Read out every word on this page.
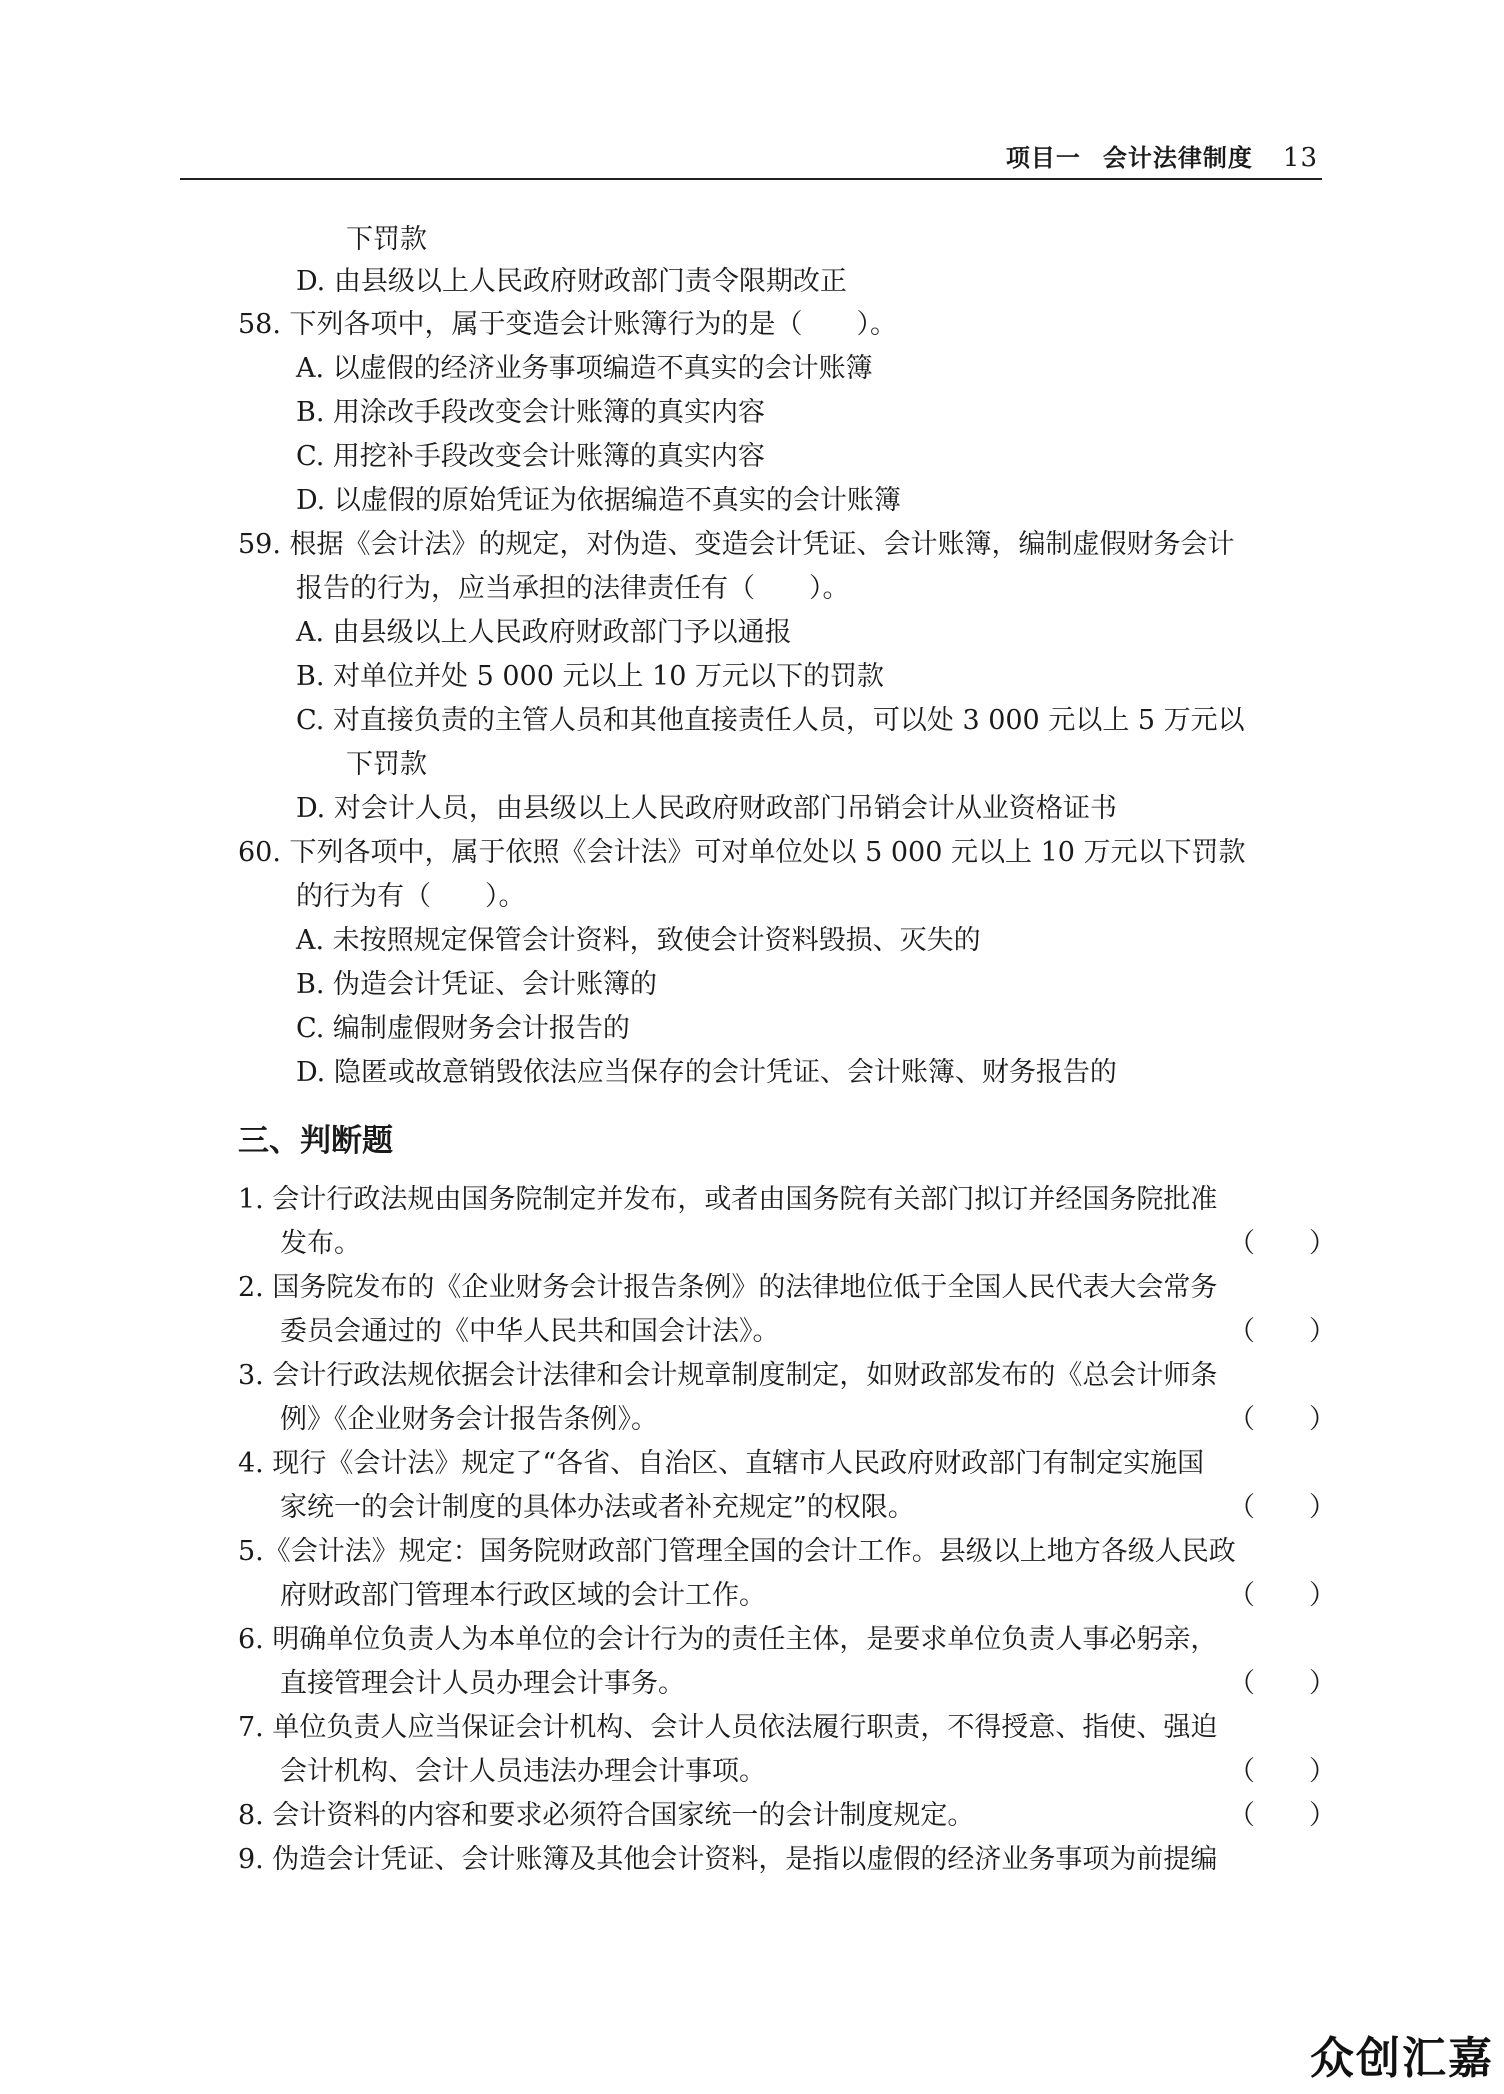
项目一 会计法律制度 13
下罚款
D. 由县级以上人民政府财政部门责令限期改正
58. 下列各项中，属于变造会计账簿行为的是（　　）。
A. 以虚假的经济业务事项编造不真实的会计账簿
B. 用涂改手段改变会计账簿的真实内容
C. 用挖补手段改变会计账簿的真实内容
D. 以虚假的原始凭证为依据编造不真实的会计账簿
59. 根据《会计法》的规定，对伪造、变造会计凭证、会计账簿，编制虚假财务会计
报告的行为，应当承担的法律责任有（　　）。
A. 由县级以上人民政府财政部门予以通报
B. 对单位并处 5 000 元以上 10 万元以下的罚款
C. 对直接负责的主管人员和其他直接责任人员，可以处 3 000 元以上 5 万元以
下罚款
D. 对会计人员，由县级以上人民政府财政部门吊销会计从业资格证书
60. 下列各项中，属于依照《会计法》可对单位处以 5 000 元以上 10 万元以下罚款
的行为有（　　）。
A. 未按照规定保管会计资料，致使会计资料毁损、灭失的
B. 伪造会计凭证、会计账簿的
C. 编制虚假财务会计报告的
D. 隐匿或故意销毁依法应当保存的会计凭证、会计账簿、财务报告的
三、判断题
1. 会计行政法规由国务院制定并发布，或者由国务院有关部门拟订并经国务院批准
发布。	（　　）
2. 国务院发布的《企业财务会计报告条例》的法律地位低于全国人民代表大会常务
委员会通过的《中华人民共和国会计法》。	（　　）
3. 会计行政法规依据会计法律和会计规章制度制定，如财政部发布的《总会计师条
例》《企业财务会计报告条例》。	（　　）
4. 现行《会计法》规定了“各省、自治区、直辖市人民政府财政部门有制定实施国
家统一的会计制度的具体办法或者补充规定”的权限。	（　　）
5.《会计法》规定：国务院财政部门管理全国的会计工作。县级以上地方各级人民政
府财政部门管理本行政区域的会计工作。	（　　）
6. 明确单位负责人为本单位的会计行为的责任主体，是要求单位负责人事必躬亲，
直接管理会计人员办理会计事务。	（　　）
7. 单位负责人应当保证会计机构、会计人员依法履行职责，不得授意、指使、强迫
会计机构、会计人员违法办理会计事项。	（　　）
8. 会计资料的内容和要求必须符合国家统一的会计制度规定。	（　　）
9. 伪造会计凭证、会计账簿及其他会计资料，是指以虚假的经济业务事项为前提编
众创汇嘉
